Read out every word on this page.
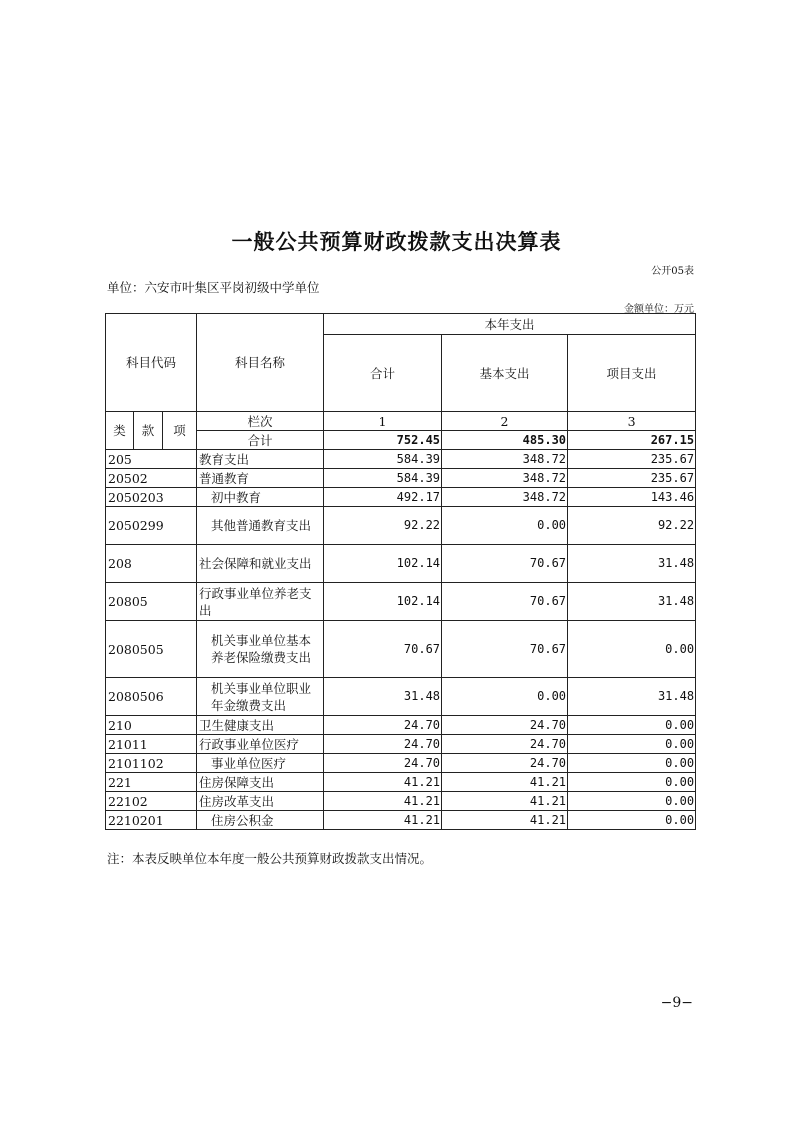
一般公共预算财政拨款支出决算表
公开05表
单位：六安市叶集区平岗初级中学单位
金额单位：万元
科目代码			科目名称	本年支出		
				合计	基本支出	项目支出
类	款	项	栏次	1	2	3
			合计	752.45	485.30	267.15
205			教育支出	584.39	348.72	235.67
20502			普通教育	584.39	348.72	235.67
2050203			初中教育	492.17	348.72	143.46
2050299			其他普通教育支出	92.22	0.00	92.22
208			社会保障和就业支出	102.14	70.67	31.48
20805			行政事业单位养老支出	102.14	70.67	31.48
2080505			机关事业单位基本养老保险缴费支出	70.67	70.67	0.00
2080506			机关事业单位职业年金缴费支出	31.48	0.00	31.48
210			卫生健康支出	24.70	24.70	0.00
21011			行政事业单位医疗	24.70	24.70	0.00
2101102			事业单位医疗	24.70	24.70	0.00
221			住房保障支出	41.21	41.21	0.00
22102			住房改革支出	41.21	41.21	0.00
2210201			住房公积金	41.21	41.21	0.00
注：本表反映单位本年度一般公共预算财政拨款支出情况。
−9−
